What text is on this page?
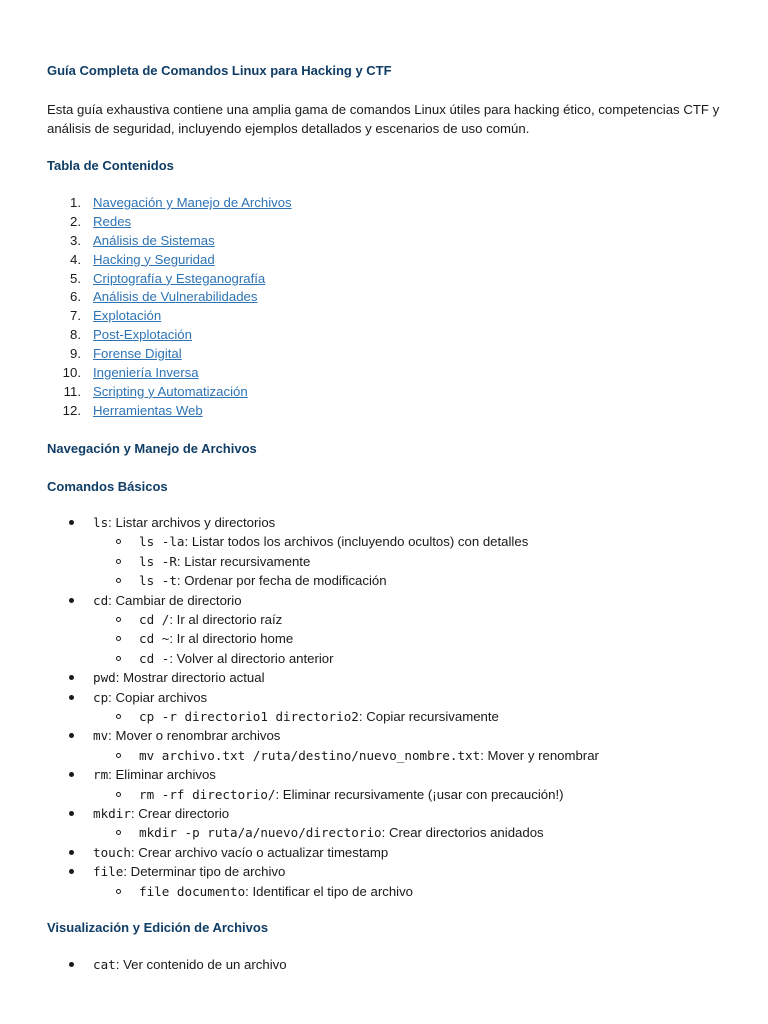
Guía Completa de Comandos Linux para Hacking y CTF

Esta guía exhaustiva contiene una amplia gama de comandos Linux útiles para hacking ético, competencias CTF y análisis de seguridad, incluyendo ejemplos detallados y escenarios de uso común.

Tabla de Contenidos
1. Navegación y Manejo de Archivos
2. Redes
3. Análisis de Sistemas
4. Hacking y Seguridad
5. Criptografía y Esteganografía
6. Análisis de Vulnerabilidades
7. Explotación
8. Post-Explotación
9. Forense Digital
10. Ingeniería Inversa
11. Scripting y Automatización
12. Herramientas Web
Navegación y Manejo de Archivos
Comandos Básicos
ls: Listar archivos y directorios
ls -la: Listar todos los archivos (incluyendo ocultos) con detalles
ls -R: Listar recursivamente
ls -t: Ordenar por fecha de modificación
cd: Cambiar de directorio
cd /: Ir al directorio raíz
cd ~: Ir al directorio home
cd -: Volver al directorio anterior
pwd: Mostrar directorio actual
cp: Copiar archivos
cp -r directorio1 directorio2: Copiar recursivamente
mv: Mover o renombrar archivos
mv archivo.txt /ruta/destino/nuevo_nombre.txt: Mover y renombrar
rm: Eliminar archivos
rm -rf directorio/: Eliminar recursivamente (¡usar con precaución!)
mkdir: Crear directorio
mkdir -p ruta/a/nuevo/directorio: Crear directorios anidados
touch: Crear archivo vacío o actualizar timestamp
file: Determinar tipo de archivo
file documento: Identificar el tipo de archivo
Visualización y Edición de Archivos
cat: Ver contenido de un archivo
